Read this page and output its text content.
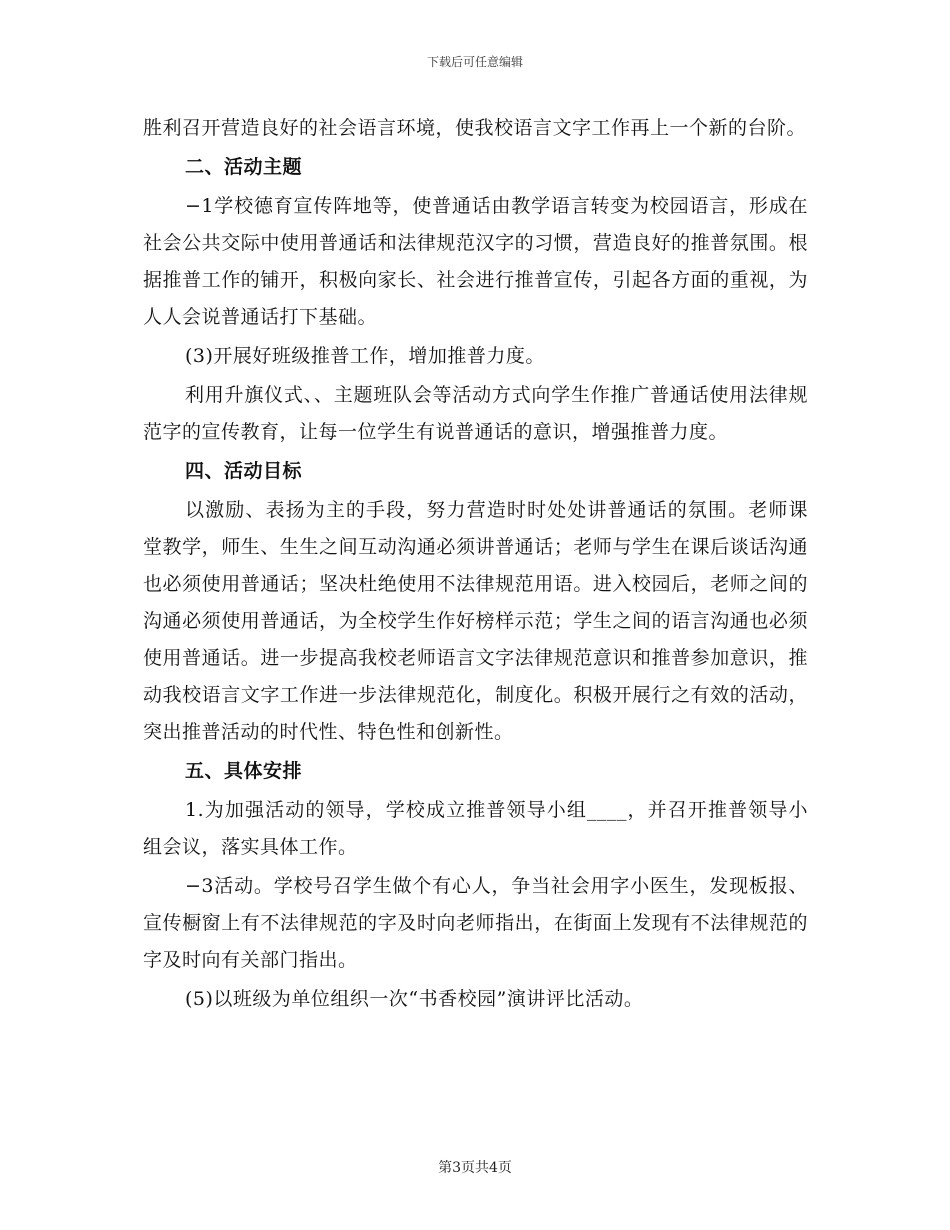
下载后可任意编辑

胜利召开营造良好的社会语言环境，使我校语言文字工作再上一个新的台阶。

二、活动主题

−1学校德育宣传阵地等，使普通话由教学语言转变为校园语言，形成在社会公共交际中使用普通话和法律规范汉字的习惯，营造良好的推普氛围。根据推普工作的铺开，积极向家长、社会进行推普宣传，引起各方面的重视，为人人会说普通话打下基础。

(3)开展好班级推普工作，增加推普力度。

利用升旗仪式、、主题班队会等活动方式向学生作推广普通话使用法律规范字的宣传教育，让每一位学生有说普通话的意识，增强推普力度。

四、活动目标

以激励、表扬为主的手段，努力营造时时处处讲普通话的氛围。老师课堂教学，师生、生生之间互动沟通必须讲普通话；老师与学生在课后谈话沟通也必须使用普通话；坚决杜绝使用不法律规范用语。进入校园后，老师之间的沟通必须使用普通话，为全校学生作好榜样示范；学生之间的语言沟通也必须使用普通话。进一步提高我校老师语言文字法律规范意识和推普参加意识，推动我校语言文字工作进一步法律规范化，制度化。积极开展行之有效的活动，突出推普活动的时代性、特色性和创新性。

五、具体安排

1.为加强活动的领导，学校成立推普领导小组____，并召开推普领导小组会议，落实具体工作。

−3活动。学校号召学生做个有心人，争当社会用字小医生，发现板报、宣传橱窗上有不法律规范的字及时向老师指出，在街面上发现有不法律规范的字及时向有关部门指出。

(5)以班级为单位组织一次“书香校园”演讲评比活动。

第3页共4页
